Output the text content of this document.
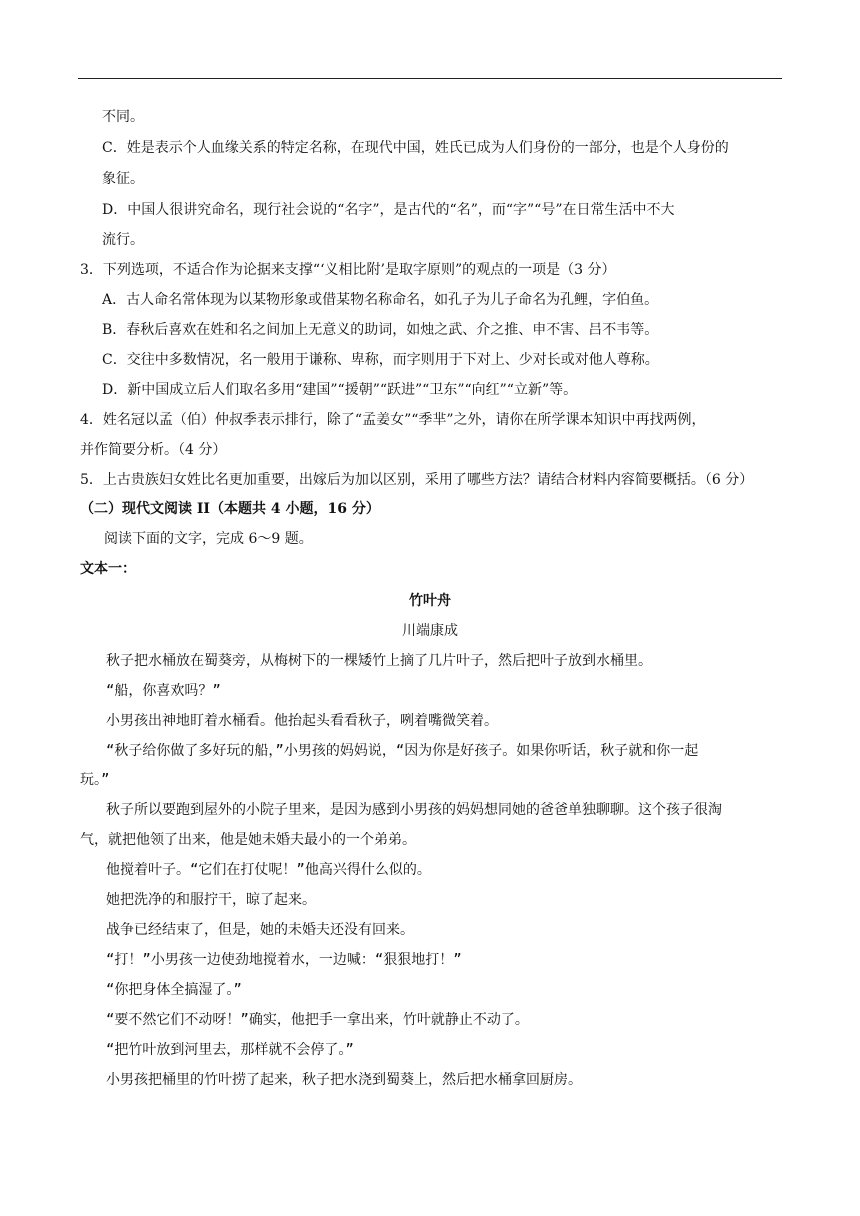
不同。
C．姓是表示个人血缘关系的特定名称，在现代中国，姓氏已成为人们身份的一部分，也是个人身份的
象征。
D．中国人很讲究命名，现行社会说的“名字”，是古代的“名”，而“字”“号”在日常生活中不大
流行。
3．下列选项，不适合作为论据来支撑“‘义相比附’是取字原则”的观点的一项是（3 分）
A．古人命名常体现为以某物形象或借某物名称命名，如孔子为儿子命名为孔鲤，字伯鱼。
B．春秋后喜欢在姓和名之间加上无意义的助词，如烛之武、介之推、申不害、吕不韦等。
C．交往中多数情况，名一般用于谦称、卑称，而字则用于下对上、少对长或对他人尊称。
D．新中国成立后人们取名多用“建国”“援朝”“跃进”“卫东”“向红”“立新”等。
4．姓名冠以孟（伯）仲叔季表示排行，除了“孟姜女”“季芈”之外，请你在所学课本知识中再找两例，
并作简要分析。（4 分）
5．上古贵族妇女姓比名更加重要，出嫁后为加以区别，采用了哪些方法？请结合材料内容简要概括。（6 分）
（二）现代文阅读 II（本题共 4 小题，16 分）
阅读下面的文字，完成 6～9 题。
文本一：
竹叶舟
川端康成
秋子把水桶放在蜀葵旁，从梅树下的一棵矮竹上摘了几片叶子，然后把叶子放到水桶里。
“船，你喜欢吗？”
小男孩出神地盯着水桶看。他抬起头看看秋子，咧着嘴微笑着。
“秋子给你做了多好玩的船，”小男孩的妈妈说，“因为你是好孩子。如果你听话，秋子就和你一起
玩。”
秋子所以要跑到屋外的小院子里来，是因为感到小男孩的妈妈想同她的爸爸单独聊聊。这个孩子很淘
气，就把他领了出来，他是她未婚夫最小的一个弟弟。
他搅着叶子。“它们在打仗呢！”他高兴得什么似的。
她把洗净的和服拧干，晾了起来。
战争已经结束了，但是，她的未婚夫还没有回来。
“打！”小男孩一边使劲地搅着水，一边喊：“狠狠地打！”
“你把身体全搞湿了。”
“要不然它们不动呀！”确实，他把手一拿出来，竹叶就静止不动了。
“把竹叶放到河里去，那样就不会停了。”
小男孩把桶里的竹叶捞了起来，秋子把水浇到蜀葵上，然后把水桶拿回厨房。
